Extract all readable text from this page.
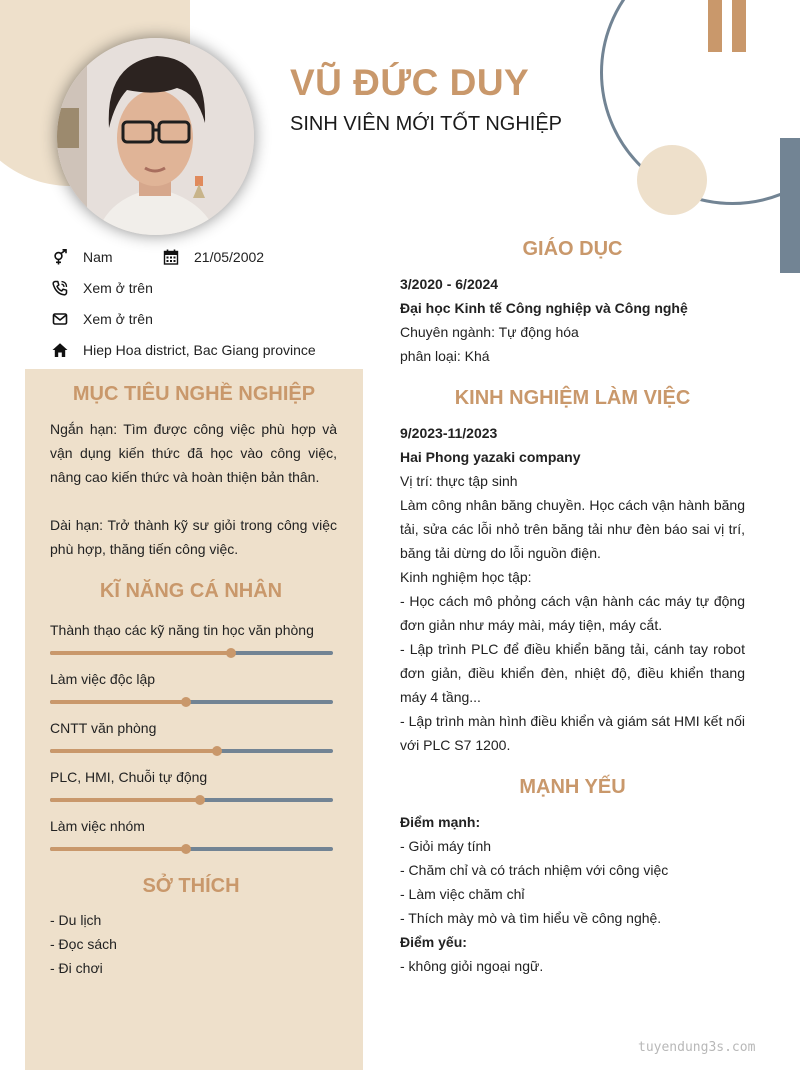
VŨ ĐỨC DUY
SINH VIÊN MỚI TỐT NGHIỆP
Nam	21/05/2002
Xem ở trên
Xem ở trên
Hiep Hoa district, Bac Giang province
MỤC TIÊU NGHỀ NGHIỆP
Ngắn hạn: Tìm được công việc phù hợp và vận dụng kiến thức đã học vào công việc, nâng cao kiến thức và hoàn thiện bản thân.
Dài hạn: Trở thành kỹ sư giỏi trong công việc phù hợp, thăng tiến công việc.
KĨ NĂNG CÁ NHÂN
Thành thạo các kỹ năng tin học văn phòng
Làm việc độc lập
CNTT văn phòng
PLC, HMI, Chuỗi tự động
Làm việc nhóm
SỞ THÍCH
- Du lịch
- Đọc sách
- Đi chơi
GIÁO DỤC
3/2020 - 6/2024
Đại học Kinh tế Công nghiệp và Công nghệ
Chuyên ngành: Tự động hóa
phân loại: Khá
KINH NGHIỆM LÀM VIỆC
9/2023-11/2023
Hai Phong yazaki company
Vị trí: thực tập sinh
Làm công nhân băng chuyền. Học cách vận hành băng tải, sửa các lỗi nhỏ trên băng tải như đèn báo sai vị trí, băng tải dừng do lỗi nguồn điện.
Kinh nghiệm học tập:
- Học cách mô phỏng cách vận hành các máy tự động đơn giản như máy mài, máy tiện, máy cắt.
- Lập trình PLC để điều khiển băng tải, cánh tay robot đơn giản, điều khiển đèn, nhiệt độ, điều khiển thang máy 4 tầng...
- Lập trình màn hình điều khiển và giám sát HMI kết nối với PLC S7 1200.
MẠNH YẾU
Điểm mạnh:
- Giỏi máy tính
- Chăm chỉ và có trách nhiệm với công việc
- Làm việc chăm chỉ
- Thích mày mò và tìm hiểu về công nghệ.
Điểm yếu:
- không giỏi ngoại ngữ.
tuyendung3s.com
